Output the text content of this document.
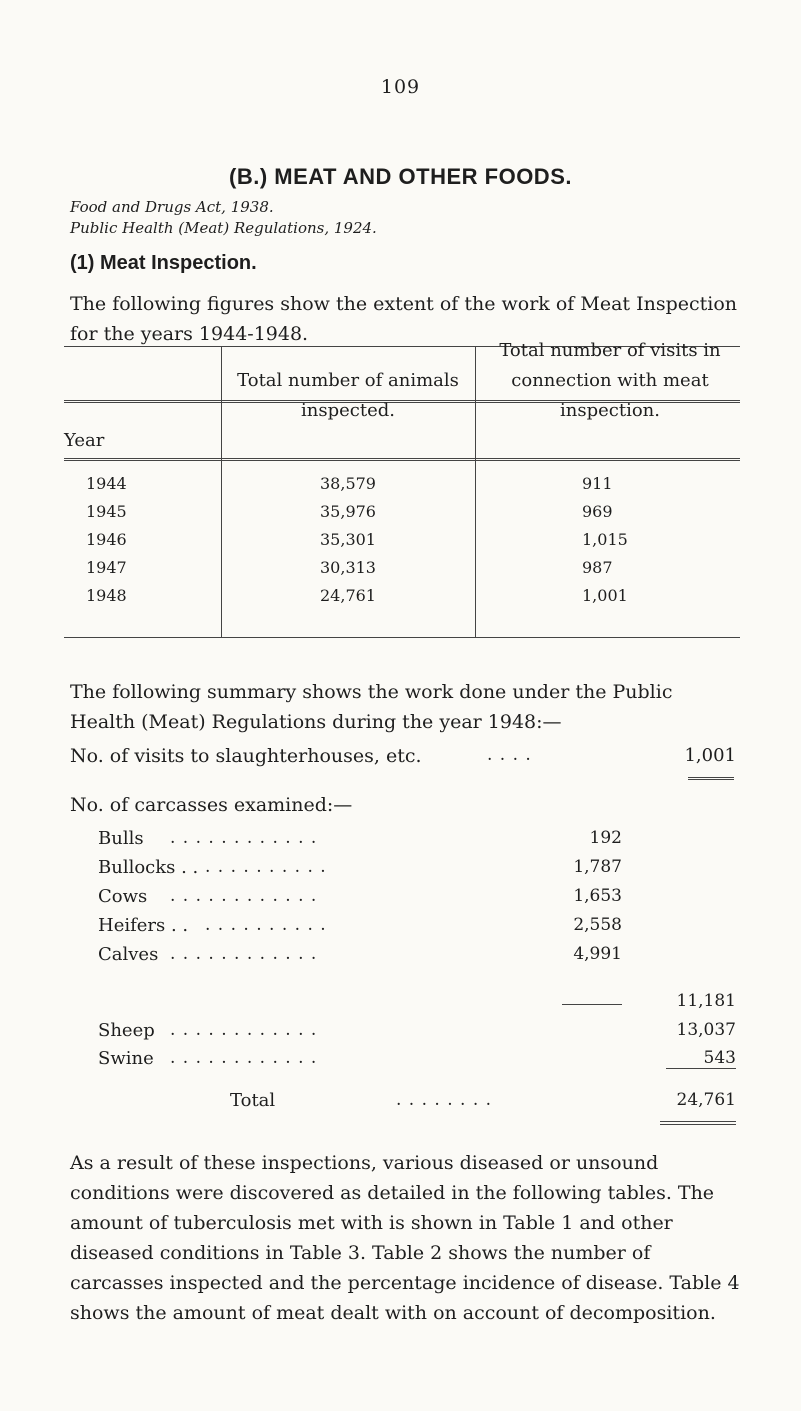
109
(B.) MEAT AND OTHER FOODS.
Food and Drugs Act, 1938.
Public Health (Meat) Regulations, 1924.
(1) Meat Inspection.
The following figures show the extent of the work of Meat Inspection for the years 1944-1948.
Year
Total number of animals inspected.
Total number of visits in connection with meat inspection.
1944	38,579	911
1945	35,976	969
1946	35,301	1,015
1947	30,313	987
1948	24,761	1,001
The following summary shows the work done under the Public Health (Meat) Regulations during the year 1948:—
No. of visits to slaughterhouses, etc.	. . . .	1,001
No. of carcasses examined:—
Bulls . . . . . . . . . . . .	192
Bullocks . . . . . . . . . . . .	1,787
Cows . . . . . . . . . . . .	1,653
Heifers . . . . . . . . . . . .	2,558
Calves . . . . . . . . . . . .	4,991
11,181
Sheep . . . . . . . . . . . .	13,037
Swine . . . . . . . . . . . .	543
Total	. . . . . . . .	24,761
As a result of these inspections, various diseased or unsound conditions were discovered as detailed in the following tables. The amount of tuberculosis met with is shown in Table 1 and other diseased conditions in Table 3. Table 2 shows the number of carcasses inspected and the percentage incidence of disease. Table 4 shows the amount of meat dealt with on account of decomposition.
